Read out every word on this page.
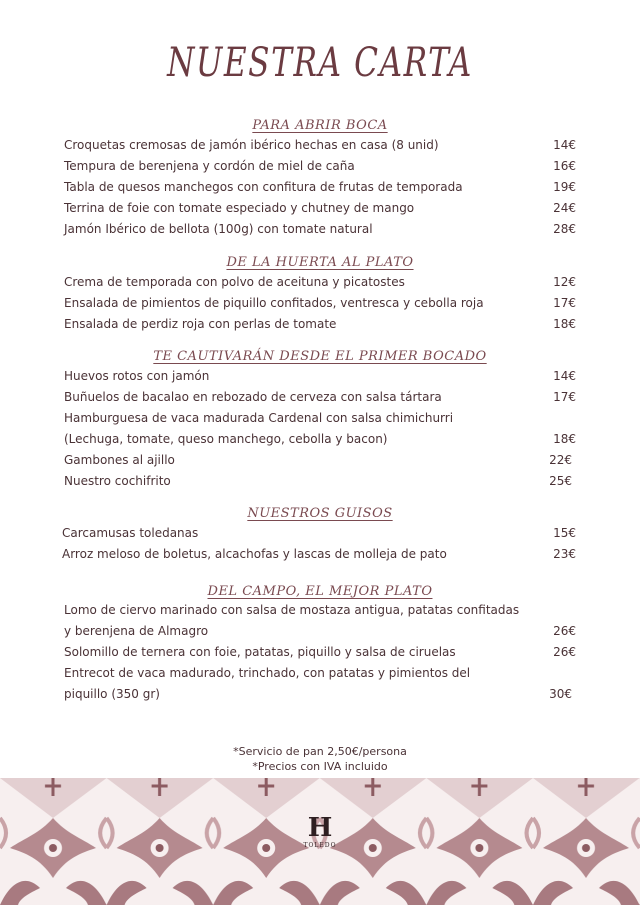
NUESTRA CARTA
PARA ABRIR BOCA
Croquetas cremosas de jamón ibérico hechas en casa (8 unid)	14€
Tempura de berenjena y cordón de miel de caña	16€
Tabla de quesos manchegos con confitura de frutas de temporada	19€
Terrina de foie con tomate especiado y chutney de mango	24€
Jamón Ibérico de bellota (100g) con tomate natural	28€
DE LA HUERTA AL PLATO
Crema de temporada con polvo de aceituna y picatostes	12€
Ensalada de pimientos de piquillo confitados, ventresca y cebolla roja	17€
Ensalada de perdiz roja con perlas de tomate	18€
TE CAUTIVARÁN DESDE EL PRIMER BOCADO
Huevos rotos con jamón	14€
Buñuelos de bacalao en rebozado de cerveza con salsa tártara	17€
Hamburguesa de vaca madurada Cardenal con salsa chimichurri
(Lechuga, tomate, queso manchego, cebolla y bacon)	18€
Gambones al ajillo	22€
Nuestro cochifrito	25€
NUESTROS GUISOS
Carcamusas toledanas	15€
Arroz meloso de boletus, alcachofas y lascas de molleja de pato	23€
DEL CAMPO, EL MEJOR PLATO
Lomo de ciervo marinado con salsa de mostaza antigua, patatas confitadas
y berenjena de Almagro	26€
Solomillo de ternera con foie, patatas, piquillo y salsa de ciruelas	26€
Entrecot de vaca madurado, trinchado, con patatas y pimientos del
piquillo (350 gr)	30€
*Servicio de pan 2,50€/persona
*Precios con IVA incluido
H
TOLEDO
